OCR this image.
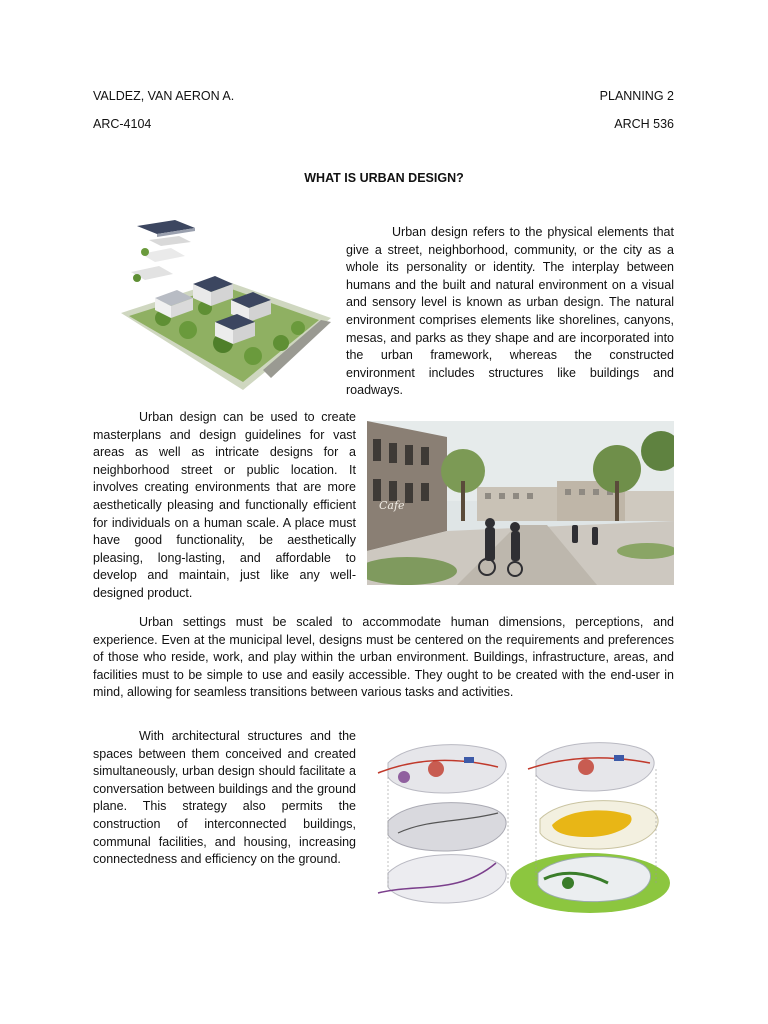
VALDEZ, VAN AERON A.
ARC-4104
PLANNING 2
ARCH 536
WHAT IS URBAN DESIGN?

Urban design refers to the physical elements that give a street, neighborhood, community, or the city as a whole its personality or identity. The interplay between humans and the built and natural environment on a visual and sensory level is known as urban design. The natural environment comprises elements like shorelines, canyons, mesas, and parks as they shape and are incorporated into the urban framework, whereas the constructed environment includes structures like buildings and roadways.

Urban design can be used to create masterplans and design guidelines for vast areas as well as intricate designs for a neighborhood street or public location. It involves creating environments that are more aesthetically pleasing and functionally efficient for individuals on a human scale. A place must have good functionality, be aesthetically pleasing, long-lasting, and affordable to develop and maintain, just like any well-designed product.

Cafe

Urban settings must be scaled to accommodate human dimensions, perceptions, and experience. Even at the municipal level, designs must be centered on the requirements and preferences of those who reside, work, and play within the urban environment. Buildings, infrastructure, areas, and facilities must to be simple to use and easily accessible. They ought to be created with the end-user in mind, allowing for seamless transitions between various tasks and activities.

With architectural structures and the spaces between them conceived and created simultaneously, urban design should facilitate a conversation between buildings and the ground plane. This strategy also permits the construction of interconnected buildings, communal facilities, and housing, increasing connectedness and efficiency on the ground.
